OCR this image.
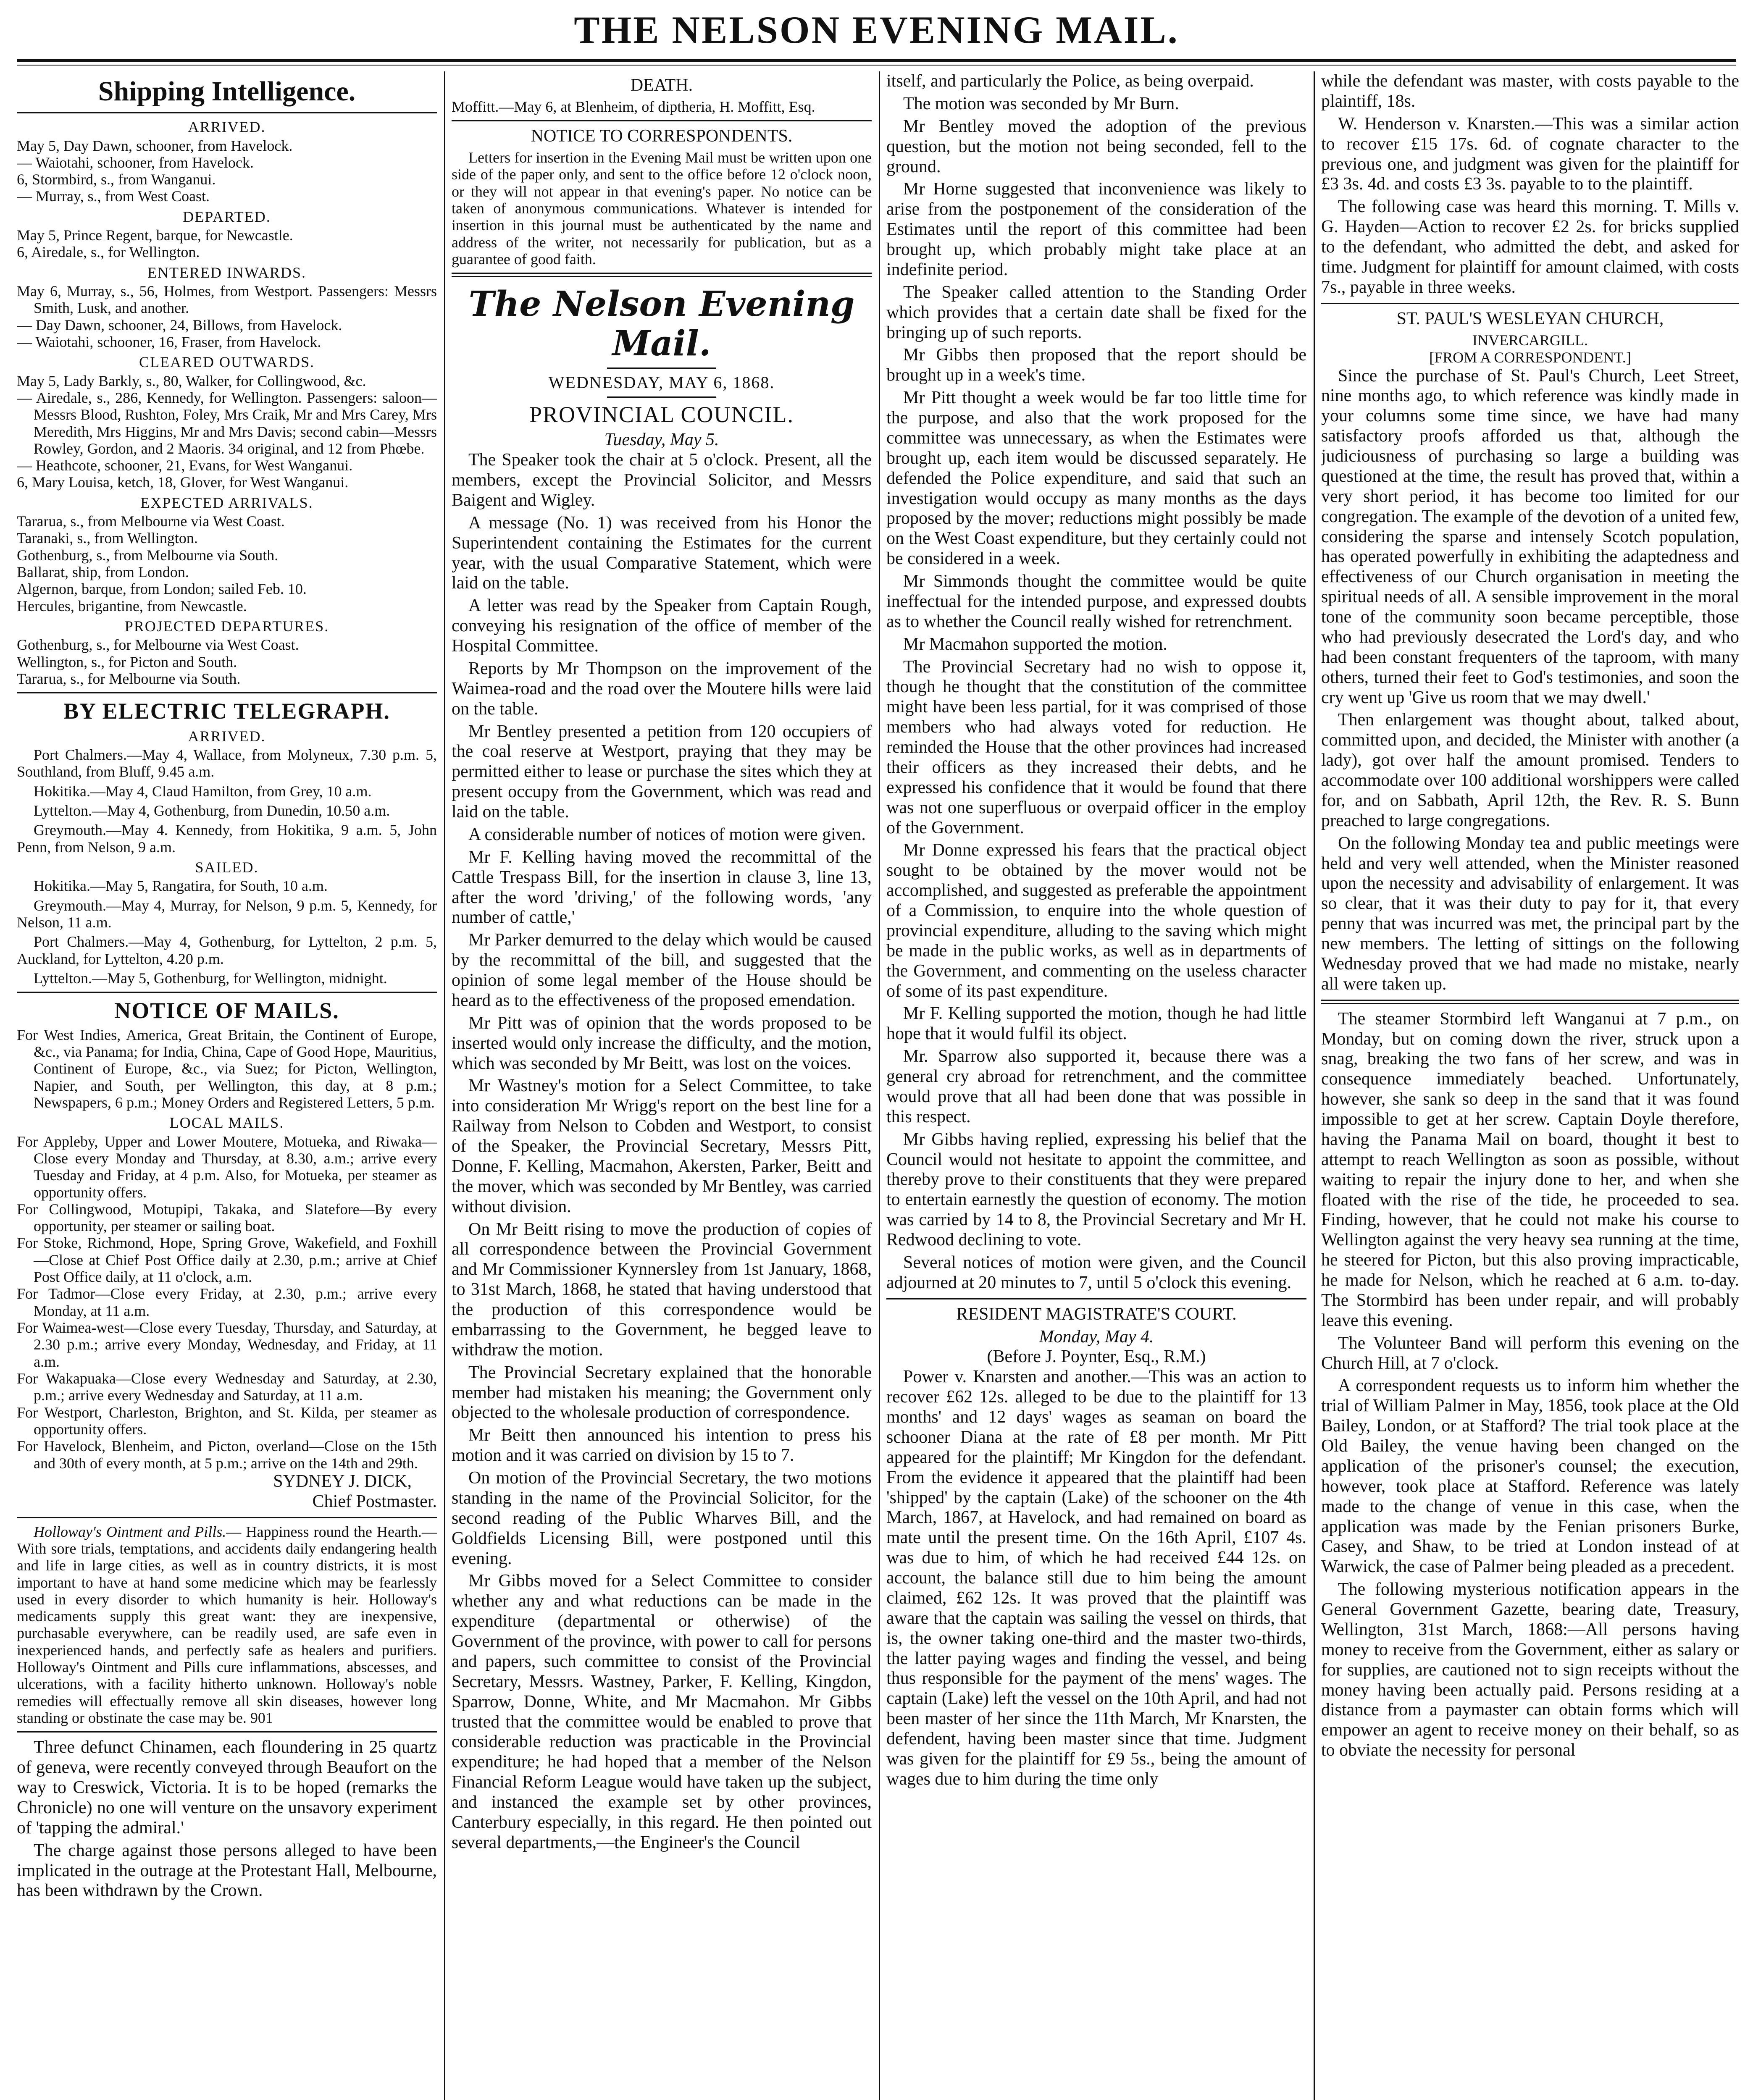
THE NELSON EVENING MAIL.
Shipping Intelligence.
ARRIVED.
May 5, Day Dawn, schooner, from Havelock.
— Waiotahi, schooner, from Havelock.
6, Stormbird, s., from Wanganui.
— Murray, s., from West Coast.
DEPARTED.
May 5, Prince Regent, barque, for Newcastle.
6, Airedale, s., for Wellington.
ENTERED INWARDS.
May 6, Murray, s., 56, Holmes, from Westport. Passengers: Messrs Smith, Lusk, and another.
— Day Dawn, schooner, 24, Billows, from Havelock.
— Waiotahi, schooner, 16, Fraser, from Havelock.
CLEARED OUTWARDS.
May 5, Lady Barkly, s., 80, Walker, for Collingwood, &c.
— Airedale, s., 286, Kennedy, for Wellington. Passengers: saloon—Messrs Blood, Rushton, Foley, Mrs Craik, Mr and Mrs Carey, Mrs Meredith, Mrs Higgins, Mr and Mrs Davis; second cabin—Messrs Rowley, Gordon, and 2 Maoris. 34 original, and 12 from Phœbe.
— Heathcote, schooner, 21, Evans, for West Wanganui.
6, Mary Louisa, ketch, 18, Glover, for West Wanganui.
EXPECTED ARRIVALS.
Tararua, s., from Melbourne via West Coast.
Taranaki, s., from Wellington.
Gothenburg, s., from Melbourne via South.
Ballarat, ship, from London.
Algernon, barque, from London; sailed Feb. 10.
Hercules, brigantine, from Newcastle.
PROJECTED DEPARTURES.
Gothenburg, s., for Melbourne via West Coast.
Wellington, s., for Picton and South.
Tararua, s., for Melbourne via South.
BY ELECTRIC TELEGRAPH.
ARRIVED.

Port Chalmers.—May 4, Wallace, from Molyneux, 7.30 p.m. 5, Southland, from Bluff, 9.45 a.m.

Hokitika.—May 4, Claud Hamilton, from Grey, 10 a.m.

Lyttelton.—May 4, Gothenburg, from Dunedin, 10.50 a.m.

Greymouth.—May 4. Kennedy, from Hokitika, 9 a.m. 5, John Penn, from Nelson, 9 a.m.

SAILED.

Hokitika.—May 5, Rangatira, for South, 10 a.m.

Greymouth.—May 4, Murray, for Nelson, 9 p.m. 5, Kennedy, for Nelson, 11 a.m.

Port Chalmers.—May 4, Gothenburg, for Lyttelton, 2 p.m. 5, Auckland, for Lyttelton, 4.20 p.m.

Lyttelton.—May 5, Gothenburg, for Wellington, midnight.

NOTICE OF MAILS.
For West Indies, America, Great Britain, the Continent of Europe, &c., via Panama; for India, China, Cape of Good Hope, Mauritius, Continent of Europe, &c., via Suez; for Picton, Wellington, Napier, and South, per Wellington, this day, at 8 p.m.; Newspapers, 6 p.m.; Money Orders and Registered Letters, 5 p.m.
LOCAL MAILS.
For Appleby, Upper and Lower Moutere, Motueka, and Riwaka—Close every Monday and Thursday, at 8.30, a.m.; arrive every Tuesday and Friday, at 4 p.m. Also, for Motueka, per steamer as opportunity offers.
For Collingwood, Motupipi, Takaka, and Slatefore—By every opportunity, per steamer or sailing boat.
For Stoke, Richmond, Hope, Spring Grove, Wakefield, and Foxhill—Close at Chief Post Office daily at 2.30, p.m.; arrive at Chief Post Office daily, at 11 o'clock, a.m.
For Tadmor—Close every Friday, at 2.30, p.m.; arrive every Monday, at 11 a.m.
For Waimea-west—Close every Tuesday, Thursday, and Saturday, at 2.30 p.m.; arrive every Monday, Wednesday, and Friday, at 11 a.m.
For Wakapuaka—Close every Wednesday and Saturday, at 2.30, p.m.; arrive every Wednesday and Saturday, at 11 a.m.
For Westport, Charleston, Brighton, and St. Kilda, per steamer as opportunity offers.
For Havelock, Blenheim, and Picton, overland—Close on the 15th and 30th of every month, at 5 p.m.; arrive on the 14th and 29th.
SYDNEY J. DICK,
Chief Postmaster.

Holloway's Ointment and Pills.— Happiness round the Hearth.— With sore trials, temptations, and accidents daily endangering health and life in large cities, as well as in country districts, it is most important to have at hand some medicine which may be fearlessly used in every disorder to which humanity is heir. Holloway's medicaments supply this great want: they are inexpensive, purchasable everywhere, can be readily used, are safe even in inexperienced hands, and perfectly safe as healers and purifiers. Holloway's Ointment and Pills cure inflammations, abscesses, and ulcerations, with a facility hitherto unknown. Holloway's noble remedies will effectually remove all skin diseases, however long standing or obstinate the case may be. 901

Three defunct Chinamen, each floundering in 25 quartz of geneva, were recently conveyed through Beaufort on the way to Creswick, Victoria. It is to be hoped (remarks the Chronicle) no one will venture on the unsavory experiment of 'tapping the admiral.'

The charge against those persons alleged to have been implicated in the outrage at the Protestant Hall, Melbourne, has been withdrawn by the Crown.

DEATH.

Moffitt.—May 6, at Blenheim, of diptheria, H. Moffitt, Esq.

NOTICE TO CORRESPONDENTS.

Letters for insertion in the Evening Mail must be written upon one side of the paper only, and sent to the office before 12 o'clock noon, or they will not appear in that evening's paper. No notice can be taken of anonymous communications. Whatever is intended for insertion in this journal must be authenticated by the name and address of the writer, not necessarily for publication, but as a guarantee of good faith.

The Nelson Evening Mail.
WEDNESDAY, MAY 6, 1868.
PROVINCIAL COUNCIL.
Tuesday, May 5.

The Speaker took the chair at 5 o'clock. Present, all the members, except the Provincial Solicitor, and Messrs Baigent and Wigley.

A message (No. 1) was received from his Honor the Superintendent containing the Estimates for the current year, with the usual Comparative Statement, which were laid on the table.

A letter was read by the Speaker from Captain Rough, conveying his resignation of the office of member of the Hospital Committee.

Reports by Mr Thompson on the improvement of the Waimea-road and the road over the Moutere hills were laid on the table.

Mr Bentley presented a petition from 120 occupiers of the coal reserve at Westport, praying that they may be permitted either to lease or purchase the sites which they at present occupy from the Government, which was read and laid on the table.

A considerable number of notices of motion were given.

Mr F. Kelling having moved the recommittal of the Cattle Trespass Bill, for the insertion in clause 3, line 13, after the word 'driving,' of the following words, 'any number of cattle,'

Mr Parker demurred to the delay which would be caused by the recommittal of the bill, and suggested that the opinion of some legal member of the House should be heard as to the effectiveness of the proposed emendation.

Mr Pitt was of opinion that the words proposed to be inserted would only increase the difficulty, and the motion, which was seconded by Mr Beitt, was lost on the voices.

Mr Wastney's motion for a Select Committee, to take into consideration Mr Wrigg's report on the best line for a Railway from Nelson to Cobden and Westport, to consist of the Speaker, the Provincial Secretary, Messrs Pitt, Donne, F. Kelling, Macmahon, Akersten, Parker, Beitt and the mover, which was seconded by Mr Bentley, was carried without division.

On Mr Beitt rising to move the production of copies of all correspondence between the Provincial Government and Mr Commissioner Kynnersley from 1st January, 1868, to 31st March, 1868, he stated that having understood that the production of this correspondence would be embarrassing to the Government, he begged leave to withdraw the motion.

The Provincial Secretary explained that the honorable member had mistaken his meaning; the Government only objected to the wholesale production of correspondence.

Mr Beitt then announced his intention to press his motion and it was carried on division by 15 to 7.

On motion of the Provincial Secretary, the two motions standing in the name of the Provincial Solicitor, for the second reading of the Public Wharves Bill, and the Goldfields Licensing Bill, were postponed until this evening.

Mr Gibbs moved for a Select Committee to consider whether any and what reductions can be made in the expenditure (departmental or otherwise) of the Government of the province, with power to call for persons and papers, such committee to consist of the Provincial Secretary, Messrs. Wastney, Parker, F. Kelling, Kingdon, Sparrow, Donne, White, and Mr Macmahon. Mr Gibbs trusted that the committee would be enabled to prove that considerable reduction was practicable in the Provincial expenditure; he had hoped that a member of the Nelson Financial Reform League would have taken up the subject, and instanced the example set by other provinces, Canterbury especially, in this regard. He then pointed out several departments,—the Engineer's the Council

itself, and particularly the Police, as being overpaid.

The motion was seconded by Mr Burn.

Mr Bentley moved the adoption of the previous question, but the motion not being seconded, fell to the ground.

Mr Horne suggested that inconvenience was likely to arise from the postponement of the consideration of the Estimates until the report of this committee had been brought up, which probably might take place at an indefinite period.

The Speaker called attention to the Standing Order which provides that a certain date shall be fixed for the bringing up of such reports.

Mr Gibbs then proposed that the report should be brought up in a week's time.

Mr Pitt thought a week would be far too little time for the purpose, and also that the work proposed for the committee was unnecessary, as when the Estimates were brought up, each item would be discussed separately. He defended the Police expenditure, and said that such an investigation would occupy as many months as the days proposed by the mover; reductions might possibly be made on the West Coast expenditure, but they certainly could not be considered in a week.

Mr Simmonds thought the committee would be quite ineffectual for the intended purpose, and expressed doubts as to whether the Council really wished for retrenchment.

Mr Macmahon supported the motion.

The Provincial Secretary had no wish to oppose it, though he thought that the constitution of the committee might have been less partial, for it was comprised of those members who had always voted for reduction. He reminded the House that the other provinces had increased their officers as they increased their debts, and he expressed his confidence that it would be found that there was not one superfluous or overpaid officer in the employ of the Government.

Mr Donne expressed his fears that the practical object sought to be obtained by the mover would not be accomplished, and suggested as preferable the appointment of a Commission, to enquire into the whole question of provincial expenditure, alluding to the saving which might be made in the public works, as well as in departments of the Government, and commenting on the useless character of some of its past expenditure.

Mr F. Kelling supported the motion, though he had little hope that it would fulfil its object.

Mr. Sparrow also supported it, because there was a general cry abroad for retrenchment, and the committee would prove that all had been done that was possible in this respect.

Mr Gibbs having replied, expressing his belief that the Council would not hesitate to appoint the committee, and thereby prove to their constituents that they were prepared to entertain earnestly the question of economy. The motion was carried by 14 to 8, the Provincial Secretary and Mr H. Redwood declining to vote.

Several notices of motion were given, and the Council adjourned at 20 minutes to 7, until 5 o'clock this evening.

RESIDENT MAGISTRATE'S COURT.
Monday, May 4.
(Before J. Poynter, Esq., R.M.)

Power v. Knarsten and another.—This was an action to recover £62 12s. alleged to be due to the plaintiff for 13 months' and 12 days' wages as seaman on board the schooner Diana at the rate of £8 per month. Mr Pitt appeared for the plaintiff; Mr Kingdon for the defendant. From the evidence it appeared that the plaintiff had been 'shipped' by the captain (Lake) of the schooner on the 4th March, 1867, at Havelock, and had remained on board as mate until the present time. On the 16th April, £107 4s. was due to him, of which he had received £44 12s. on account, the balance still due to him being the amount claimed, £62 12s. It was proved that the plaintiff was aware that the captain was sailing the vessel on thirds, that is, the owner taking one-third and the master two-thirds, the latter paying wages and finding the vessel, and being thus responsible for the payment of the mens' wages. The captain (Lake) left the vessel on the 10th April, and had not been master of her since the 11th March, Mr Knarsten, the defendent, having been master since that time. Judgment was given for the plaintiff for £9 5s., being the amount of wages due to him during the time only

while the defendant was master, with costs payable to the plaintiff, 18s.

W. Henderson v. Knarsten.—This was a similar action to recover £15 17s. 6d. of cognate character to the previous one, and judgment was given for the plaintiff for £3 3s. 4d. and costs £3 3s. payable to to the plaintiff.

The following case was heard this morning. T. Mills v. G. Hayden—Action to recover £2 2s. for bricks supplied to the defendant, who admitted the debt, and asked for time. Judgment for plaintiff for amount claimed, with costs 7s., payable in three weeks.

ST. PAUL'S WESLEYAN CHURCH,
INVERCARGILL.
[FROM A CORRESPONDENT.]

Since the purchase of St. Paul's Church, Leet Street, nine months ago, to which reference was kindly made in your columns some time since, we have had many satisfactory proofs afforded us that, although the judiciousness of purchasing so large a building was questioned at the time, the result has proved that, within a very short period, it has become too limited for our congregation. The example of the devotion of a united few, considering the sparse and intensely Scotch population, has operated powerfully in exhibiting the adaptedness and effectiveness of our Church organisation in meeting the spiritual needs of all. A sensible improvement in the moral tone of the community soon became perceptible, those who had previously desecrated the Lord's day, and who had been constant frequenters of the taproom, with many others, turned their feet to God's testimonies, and soon the cry went up 'Give us room that we may dwell.'

Then enlargement was thought about, talked about, committed upon, and decided, the Minister with another (a lady), got over half the amount promised. Tenders to accommodate over 100 additional worshippers were called for, and on Sabbath, April 12th, the Rev. R. S. Bunn preached to large congregations.

On the following Monday tea and public meetings were held and very well attended, when the Minister reasoned upon the necessity and advisability of enlargement. It was so clear, that it was their duty to pay for it, that every penny that was incurred was met, the principal part by the new members. The letting of sittings on the following Wednesday proved that we had made no mistake, nearly all were taken up.

The steamer Stormbird left Wanganui at 7 p.m., on Monday, but on coming down the river, struck upon a snag, breaking the two fans of her screw, and was in consequence immediately beached. Unfortunately, however, she sank so deep in the sand that it was found impossible to get at her screw. Captain Doyle therefore, having the Panama Mail on board, thought it best to attempt to reach Wellington as soon as possible, without waiting to repair the injury done to her, and when she floated with the rise of the tide, he proceeded to sea. Finding, however, that he could not make his course to Wellington against the very heavy sea running at the time, he steered for Picton, but this also proving impracticable, he made for Nelson, which he reached at 6 a.m. to-day. The Stormbird has been under repair, and will probably leave this evening.

The Volunteer Band will perform this evening on the Church Hill, at 7 o'clock.

A correspondent requests us to inform him whether the trial of William Palmer in May, 1856, took place at the Old Bailey, London, or at Stafford? The trial took place at the Old Bailey, the venue having been changed on the application of the prisoner's counsel; the execution, however, took place at Stafford. Reference was lately made to the change of venue in this case, when the application was made by the Fenian prisoners Burke, Casey, and Shaw, to be tried at London instead of at Warwick, the case of Palmer being pleaded as a precedent.

The following mysterious notification appears in the General Government Gazette, bearing date, Treasury, Wellington, 31st March, 1868:—All persons having money to receive from the Government, either as salary or for supplies, are cautioned not to sign receipts without the money having been actually paid. Persons residing at a distance from a paymaster can obtain forms which will empower an agent to receive money on their behalf, so as to obviate the necessity for personal
